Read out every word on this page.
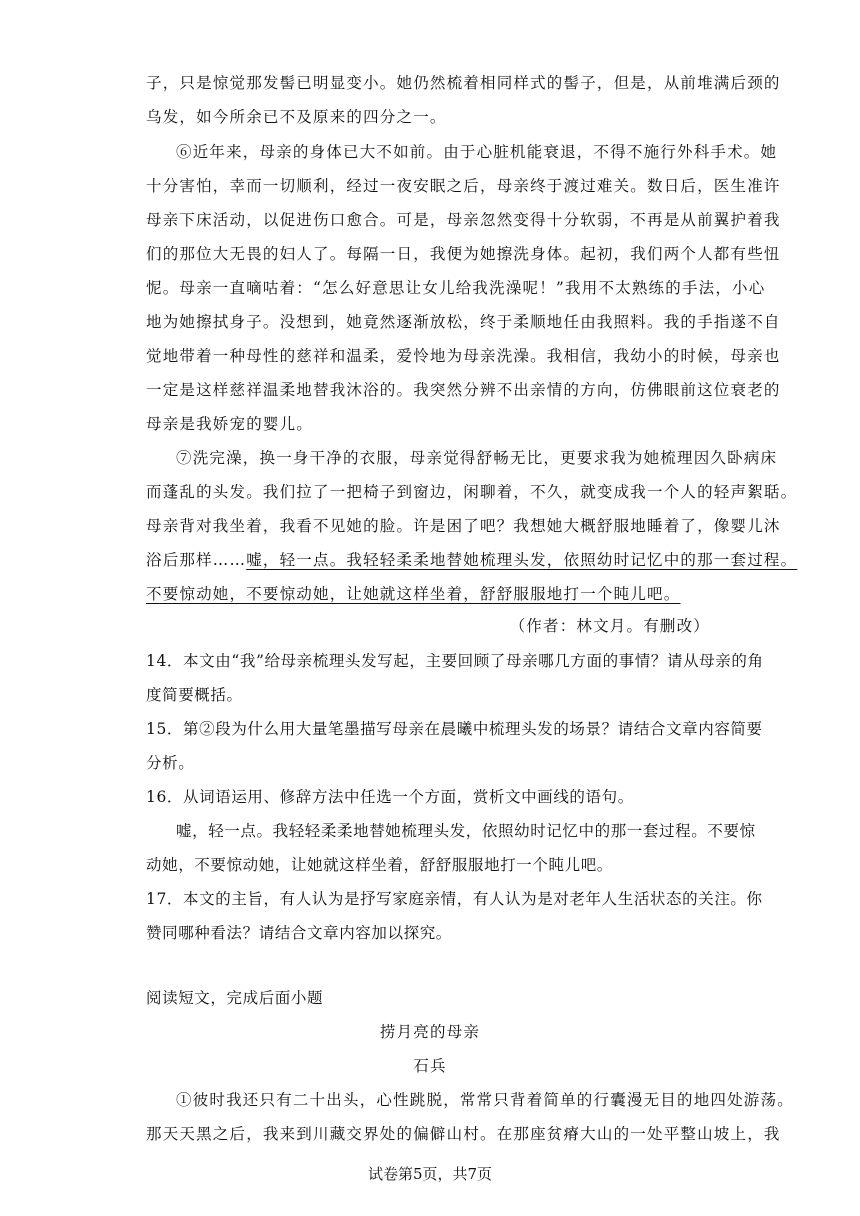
子，只是惊觉那发髻已明显变小。她仍然梳着相同样式的髻子，但是，从前堆满后颈的
乌发，如今所余已不及原来的四分之一。
⑥近年来，母亲的身体已大不如前。由于心脏机能衰退，不得不施行外科手术。她
十分害怕，幸而一切顺利，经过一夜安眠之后，母亲终于渡过难关。数日后，医生准许
母亲下床活动，以促进伤口愈合。可是，母亲忽然变得十分软弱，不再是从前翼护着我
们的那位大无畏的妇人了。每隔一日，我便为她擦洗身体。起初，我们两个人都有些忸
怩。母亲一直嘀咕着：“怎么好意思让女儿给我洗澡呢！”我用不太熟练的手法，小心
地为她擦拭身子。没想到，她竟然逐渐放松，终于柔顺地任由我照料。我的手指遂不自
觉地带着一种母性的慈祥和温柔，爱怜地为母亲洗澡。我相信，我幼小的时候，母亲也
一定是这样慈祥温柔地替我沐浴的。我突然分辨不出亲情的方向，仿佛眼前这位衰老的
母亲是我娇宠的婴儿。
⑦洗完澡，换一身干净的衣服，母亲觉得舒畅无比，更要求我为她梳理因久卧病床
而蓬乱的头发。我们拉了一把椅子到窗边，闲聊着，不久，就变成我一个人的轻声絮聒。
母亲背对我坐着，我看不见她的脸。许是困了吧？我想她大概舒服地睡着了，像婴儿沐
浴后那样……嘘，轻一点。我轻轻柔柔地替她梳理头发，依照幼时记忆中的那一套过程。
不要惊动她，不要惊动她，让她就这样坐着，舒舒服服地打一个盹儿吧。
（作者：林文月。有删改）
14．本文由“我”给母亲梳理头发写起，主要回顾了母亲哪几方面的事情？请从母亲的角
度简要概括。
15．第②段为什么用大量笔墨描写母亲在晨曦中梳理头发的场景？请结合文章内容简要
分析。
16．从词语运用、修辞方法中任选一个方面，赏析文中画线的语句。
嘘，轻一点。我轻轻柔柔地替她梳理头发，依照幼时记忆中的那一套过程。不要惊
动她，不要惊动她，让她就这样坐着，舒舒服服地打一个盹儿吧。
17．本文的主旨，有人认为是抒写家庭亲情，有人认为是对老年人生活状态的关注。你
赞同哪种看法？请结合文章内容加以探究。
阅读短文，完成后面小题
捞月亮的母亲
石兵
①彼时我还只有二十出头，心性跳脱，常常只背着简单的行囊漫无目的地四处游荡。
那天天黑之后，我来到川藏交界处的偏僻山村。在那座贫瘠大山的一处平整山坡上，我
试卷第5页，共7页
